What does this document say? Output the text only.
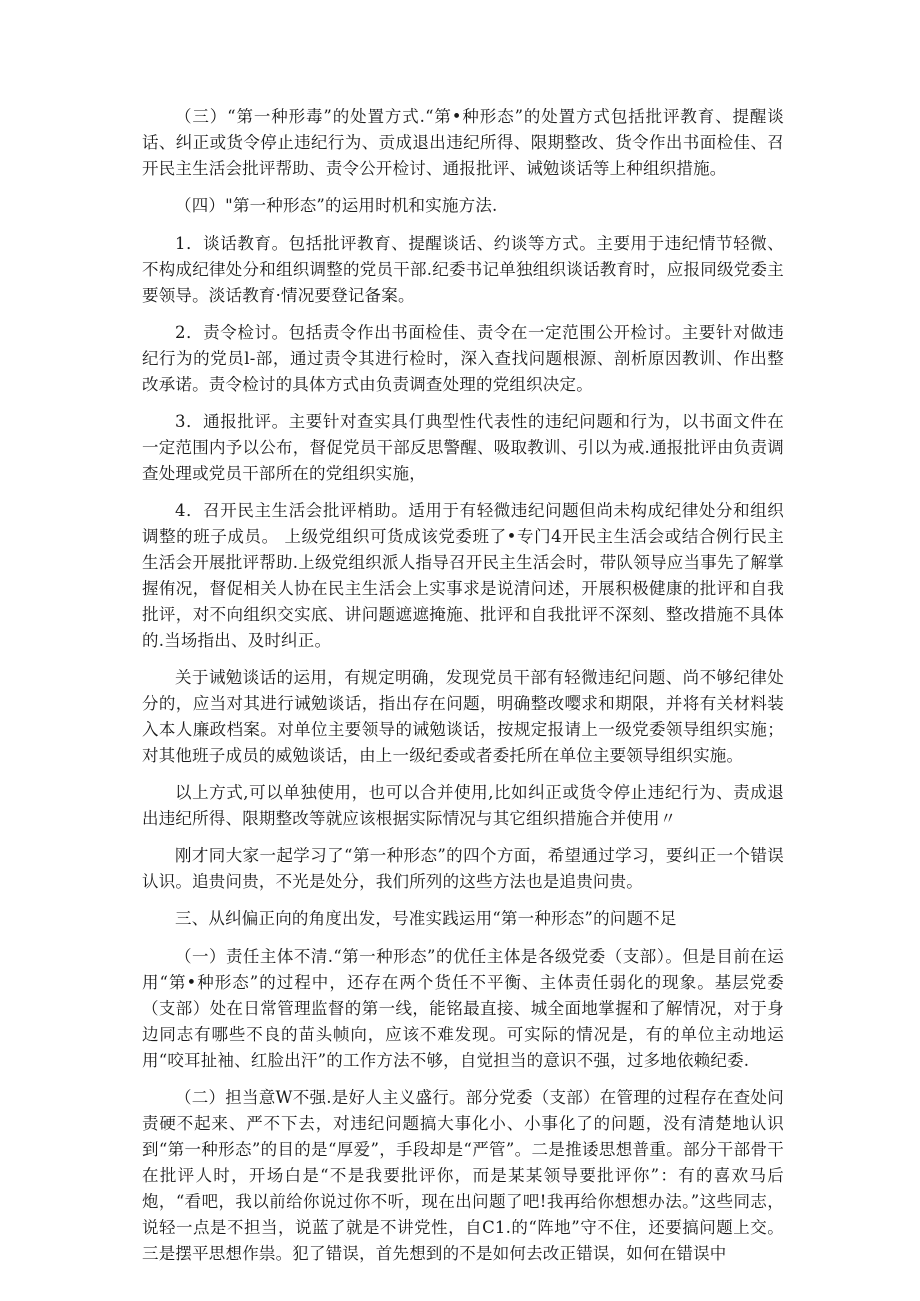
（三）“第一种形毒”的处置方式.“第•种形态”的处置方式包括批评教育、提醒谈话、纠正或货令停止违纪行为、贡成退出违纪所得、限期整改、货令作出书面检佳、召开民主生活会批评帮助、责令公开检讨、通报批评、诫勉谈话等上种组织措施。

（四）"第一种形态”的运用时机和实施方法.

1．谈话教育。包括批评教育、提醒谈话、约谈等方式。主要用于违纪情节轻微、不构成纪律处分和组织调整的党员干部.纪委书记单独组织谈话教育时，应报同级党委主要领导。淡话教育·情况要登记备案。

2．责令检讨。包括责令作出书面检佳、责令在一定范围公开检讨。主要针对做违纪行为的党员l-部，通过责令其进行检时，深入查找问题根源、剖析原因教训、作出整改承诺。责令检讨的具体方式由负责调查处理的党组织决定。

3．通报批评。主要针对查实具仃典型性代表性的违纪问题和行为，以书面文件在一定范围内予以公布，督促党员干部反思警醒、吸取教训、引以为戒.通报批评由负责调查处理或党员干部所在的党组织实施，

4．召开民主生活会批评梢助。适用于有轻微违纪问题但尚未构成纪律处分和组织调整的班子成员。 上级党组织可货成该党委班了•专门4开民主生活会或结合例行民主生活会开展批评帮助.上级党组织派人指导召开民主生活会时，带队领导应当事先了解掌握侑况，督促相关人协在民主生活会上实事求是说清问述，开展积极健康的批评和自我批评，对不向组织交实底、讲问题遮遮掩施、批评和自我批评不深刻、整改措施不具体的.当场指出、及时纠正。

关于诫勉谈话的运用，有规定明确，发现党员干部有轻微违纪问题、尚不够纪律处分的，应当对其进行诫勉谈话，指出存在问题，明确整改嘤求和期限，并将有关材料装入本人廉政档案。对单位主要领导的诫勉谈话，按规定报请上一级党委领导组织实施；对其他班子成员的威勉谈话，由上一级纪委或者委托所在单位主要领导组织实施。

以上方式,可以单独使用，也可以合并使用,比如纠正或货令停止违纪行为、责成退出违纪所得、限期整改等就应该根据实际情况与其它组织措施合并使用〃

刚才同大家一起学习了“第一种形态”的四个方面，希望通过学习，要纠正一个错误认识。追贵问贵，不光是处分，我们所列的这些方法也是追贵问贵。

三、从纠偏正向的角度出发，号准实践运用“第一种形态”的问题不足

（一）责任主体不清.“第一种形态”的优任主体是各级党委（支部）。但是目前在运用“第•种形态”的过程中，还存在两个货任不平衡、主体责任弱化的现象。基层党委（支部）处在日常管理监督的第一线，能铭最直接、城全面地掌握和了解情况，对于身边同志有哪些不良的苗头帧向，应该不难发现。可实际的情况是，有的单位主动地运用“咬耳扯袖、红脸出汗”的工作方法不够，自觉担当的意识不强，过多地依赖纪委.

（二）担当意W不强.是好人主义盛行。部分党委（支部）在管理的过程存在查处问责硬不起来、严不下去，对违纪问题搞大事化小、小事化了的问题，没有清楚地认识到“第一种形态”的目的是“厚爱”，手段却是“严管”。二是推诿思想普重。部分干部骨干在批评人时，开场白是“不是我要批评你，而是某某领导要批评你”：有的喜欢马后炮，“看吧，我以前给你说过你不听，现在出问题了吧!我再给你想想办法。”这些同志，说轻一点是不担当，说蓝了就是不讲党性，自C1.的“阵地”守不住，还要搞问题上交。三是摆平思想作祟。犯了错误，首先想到的不是如何去改正错误，如何在错误中
